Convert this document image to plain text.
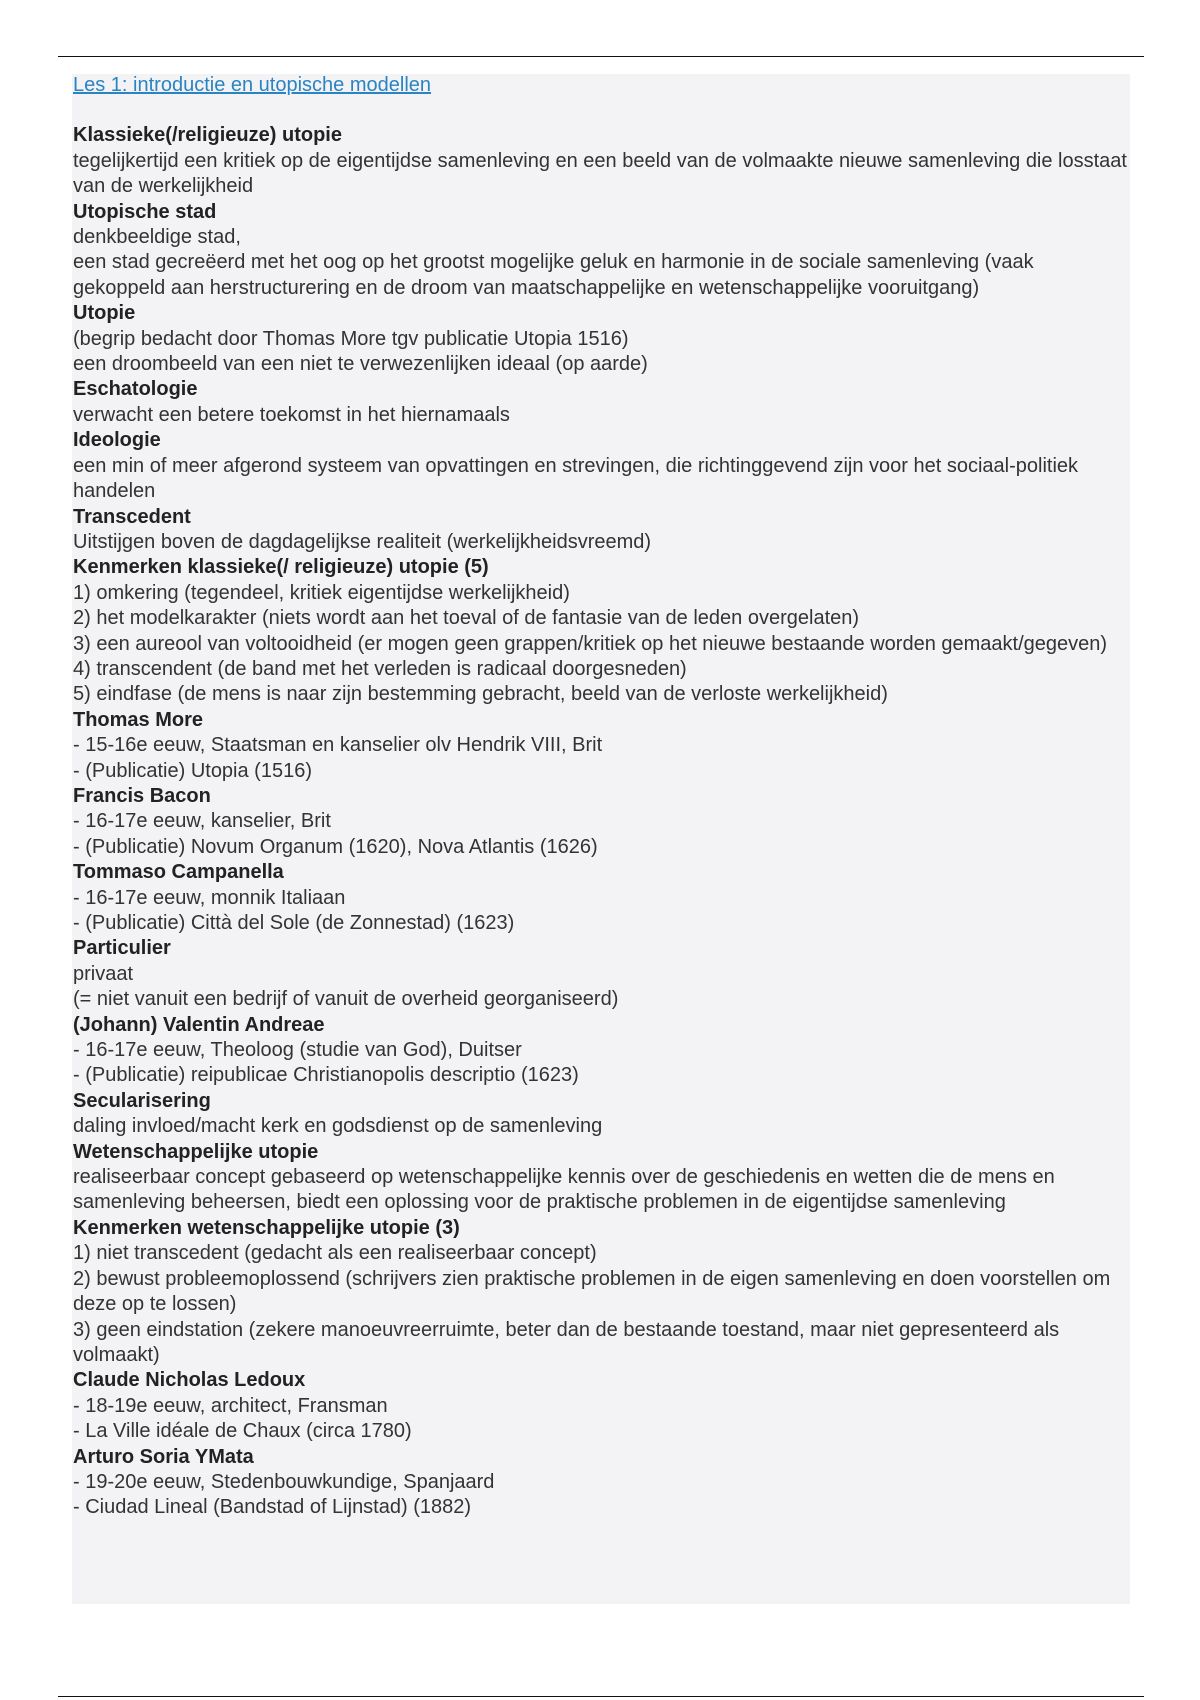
Les 1: introductie en utopische modellen
Klassieke(/religieuze) utopie
tegelijkertijd een kritiek op de eigentijdse samenleving en een beeld van de volmaakte nieuwe samenleving die losstaat van de werkelijkheid
Utopische stad
denkbeeldige stad,
een stad gecreëerd met het oog op het grootst mogelijke geluk en harmonie in de sociale samenleving (vaak gekoppeld aan herstructurering en de droom van maatschappelijke en wetenschappelijke vooruitgang)
Utopie
(begrip bedacht door Thomas More tgv publicatie Utopia 1516)
een droombeeld van een niet te verwezenlijken ideaal (op aarde)
Eschatologie
verwacht een betere toekomst in het hiernamaals
Ideologie
een min of meer afgerond systeem van opvattingen en strevingen, die richtinggevend zijn voor het sociaal-politiek handelen
Transcedent
Uitstijgen boven de dagdagelijkse realiteit (werkelijkheidsvreemd)
Kenmerken klassieke(/ religieuze) utopie (5)
1) omkering (tegendeel, kritiek eigentijdse werkelijkheid)
2) het modelkarakter (niets wordt aan het toeval of de fantasie van de leden overgelaten)
3) een aureool van voltooidheid (er mogen geen grappen/kritiek op het nieuwe bestaande worden gemaakt/gegeven)
4) transcendent (de band met het verleden is radicaal doorgesneden)
5) eindfase (de mens is naar zijn bestemming gebracht, beeld van de verloste werkelijkheid)
Thomas More
- 15-16e eeuw, Staatsman en kanselier olv Hendrik VIII, Brit
- (Publicatie) Utopia (1516)
Francis Bacon
- 16-17e eeuw, kanselier, Brit
- (Publicatie) Novum Organum (1620), Nova Atlantis (1626)
Tommaso Campanella
- 16-17e eeuw, monnik Italiaan
- (Publicatie) Città del Sole (de Zonnestad) (1623)
Particulier
privaat
(= niet vanuit een bedrijf of vanuit de overheid georganiseerd)
(Johann) Valentin Andreae
- 16-17e eeuw, Theoloog (studie van God), Duitser
- (Publicatie) reipublicae Christianopolis descriptio (1623)
Secularisering
daling invloed/macht kerk en godsdienst op de samenleving
Wetenschappelijke utopie
realiseerbaar concept gebaseerd op wetenschappelijke kennis over de geschiedenis en wetten die de mens en samenleving beheersen, biedt een oplossing voor de praktische problemen in de eigentijdse samenleving
Kenmerken wetenschappelijke utopie (3)
1) niet transcedent (gedacht als een realiseerbaar concept)
2) bewust probleemoplossend (schrijvers zien praktische problemen in de eigen samenleving en doen voorstellen om deze op te lossen)
3) geen eindstation (zekere manoeuvreerruimte, beter dan de bestaande toestand, maar niet gepresenteerd als volmaakt)
Claude Nicholas Ledoux
- 18-19e eeuw, architect, Fransman
- La Ville idéale de Chaux (circa 1780)
Arturo Soria YMata
- 19-20e eeuw, Stedenbouwkundige, Spanjaard
- Ciudad Lineal (Bandstad of Lijnstad) (1882)
